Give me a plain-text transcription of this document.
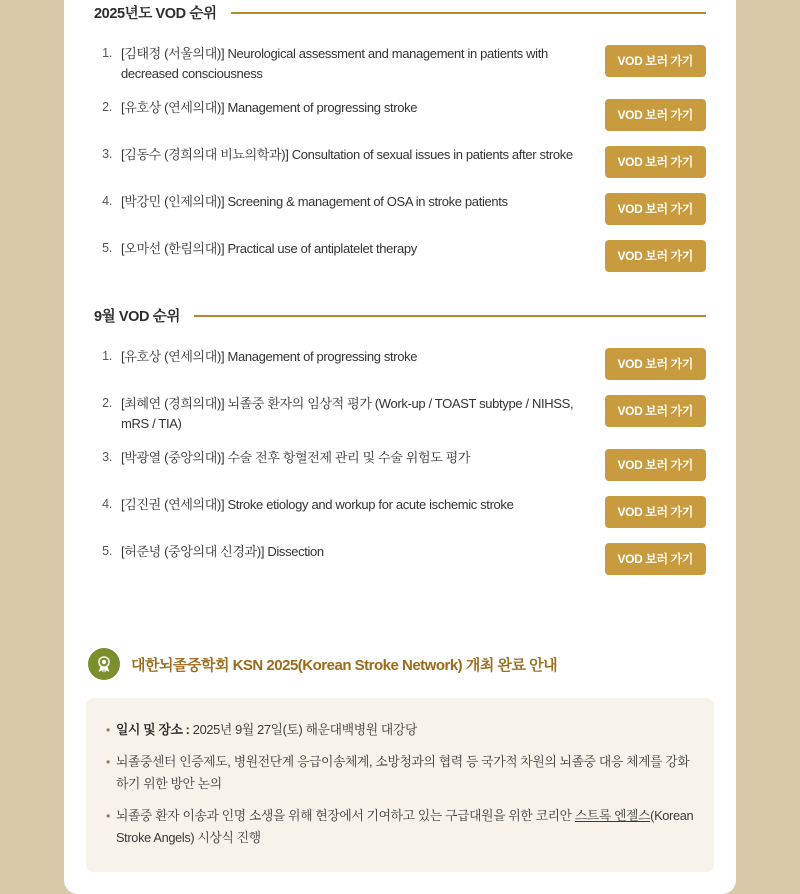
2025년도 VOD 순위
1. [김태정 (서울의대)] Neurological assessment and management in patients with decreased consciousness
VOD 보러 가기
2. [유호상 (연세의대)] Management of progressing stroke	VOD 보러 가기
3. [김동수 (경희의대 비뇨의학과)] Consultation of sexual issues in patients after stroke	VOD 보러 가기
4. [박강민 (인제의대)] Screening & management of OSA in stroke patients	VOD 보러 가기
5. [오마선 (한림의대)] Practical use of antiplatelet therapy	VOD 보러 가기
9월 VOD 순위
1. [유호상 (연세의대)] Management of progressing stroke	VOD 보러 가기
2. [최혜연 (경희의대)] 뇌졸중 환자의 임상적 평가 (Work-up / TOAST subtype / NIHSS, mRS / TIA)
VOD 보러 가기
3. [박광열 (중앙의대)] 수술 전후 항혈전제 관리 및 수술 위험도 평가	VOD 보러 가기
4. [김진권 (연세의대)] Stroke etiology and workup for acute ischemic stroke	VOD 보러 가기
5. [허준녕 (중앙의대 신경과)] Dissection	VOD 보러 가기
대한뇌졸중학회 KSN 2025(Korean Stroke Network) 개최 완료 안내
• 일시 및 장소 : 2025년 9월 27일(토) 해운대백병원 대강당
• 뇌졸중센터 인증제도, 병원전단계 응급이송체계, 소방청과의 협력 등 국가적 차원의 뇌졸중 대응 체계를 강화하기 위한 방안 논의
• 뇌졸중 환자 이송과 인명 소생을 위해 현장에서 기여하고 있는 구급대원을 위한 코리안 스트록 엔젤스(Korean Stroke Angels) 시상식 진행
